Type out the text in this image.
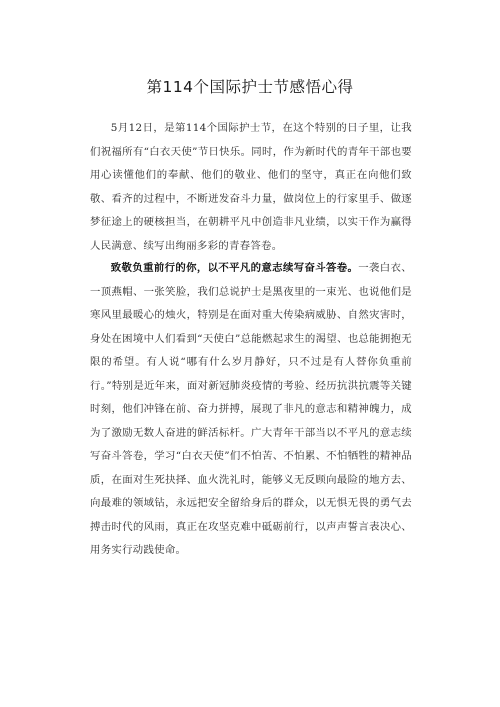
第114个国际护士节感悟心得

5月12日，是第114个国际护士节，在这个特别的日子里，让我们祝福所有“白衣天使”节日快乐。同时，作为新时代的青年干部也要用心读懂他们的奉献、他们的敬业、他们的坚守，真正在向他们致敬、看齐的过程中，不断迸发奋斗力量，做岗位上的行家里手、做逐梦征途上的硬核担当，在朝耕平凡中创造非凡业绩，以实干作为赢得人民满意、续写出绚丽多彩的青春答卷。

致敬负重前行的你，以不平凡的意志续写奋斗答卷。一袭白衣、一顶燕帽、一张笑脸，我们总说护士是黑夜里的一束光、也说他们是寒风里最暖心的烛火，特别是在面对重大传染病威胁、自然灾害时，身处在困境中人们看到“天使白”总能燃起求生的渴望、也总能拥抱无限的希望。有人说“哪有什么岁月静好，只不过是有人替你负重前行。”特别是近年来，面对新冠肺炎疫情的考验、经历抗洪抗震等关键时刻，他们冲锋在前、奋力拼搏，展现了非凡的意志和精神魄力，成为了激励无数人奋进的鲜活标杆。广大青年干部当以不平凡的意志续写奋斗答卷，学习“白衣天使”们不怕苦、不怕累、不怕牺牲的精神品质，在面对生死抉择、血火洗礼时，能够义无反顾向最险的地方去、向最难的领域钻，永远把安全留给身后的群众，以无惧无畏的勇气去搏击时代的风雨，真正在攻坚克难中砥砺前行，以声声誓言表决心、用务实行动践使命。
